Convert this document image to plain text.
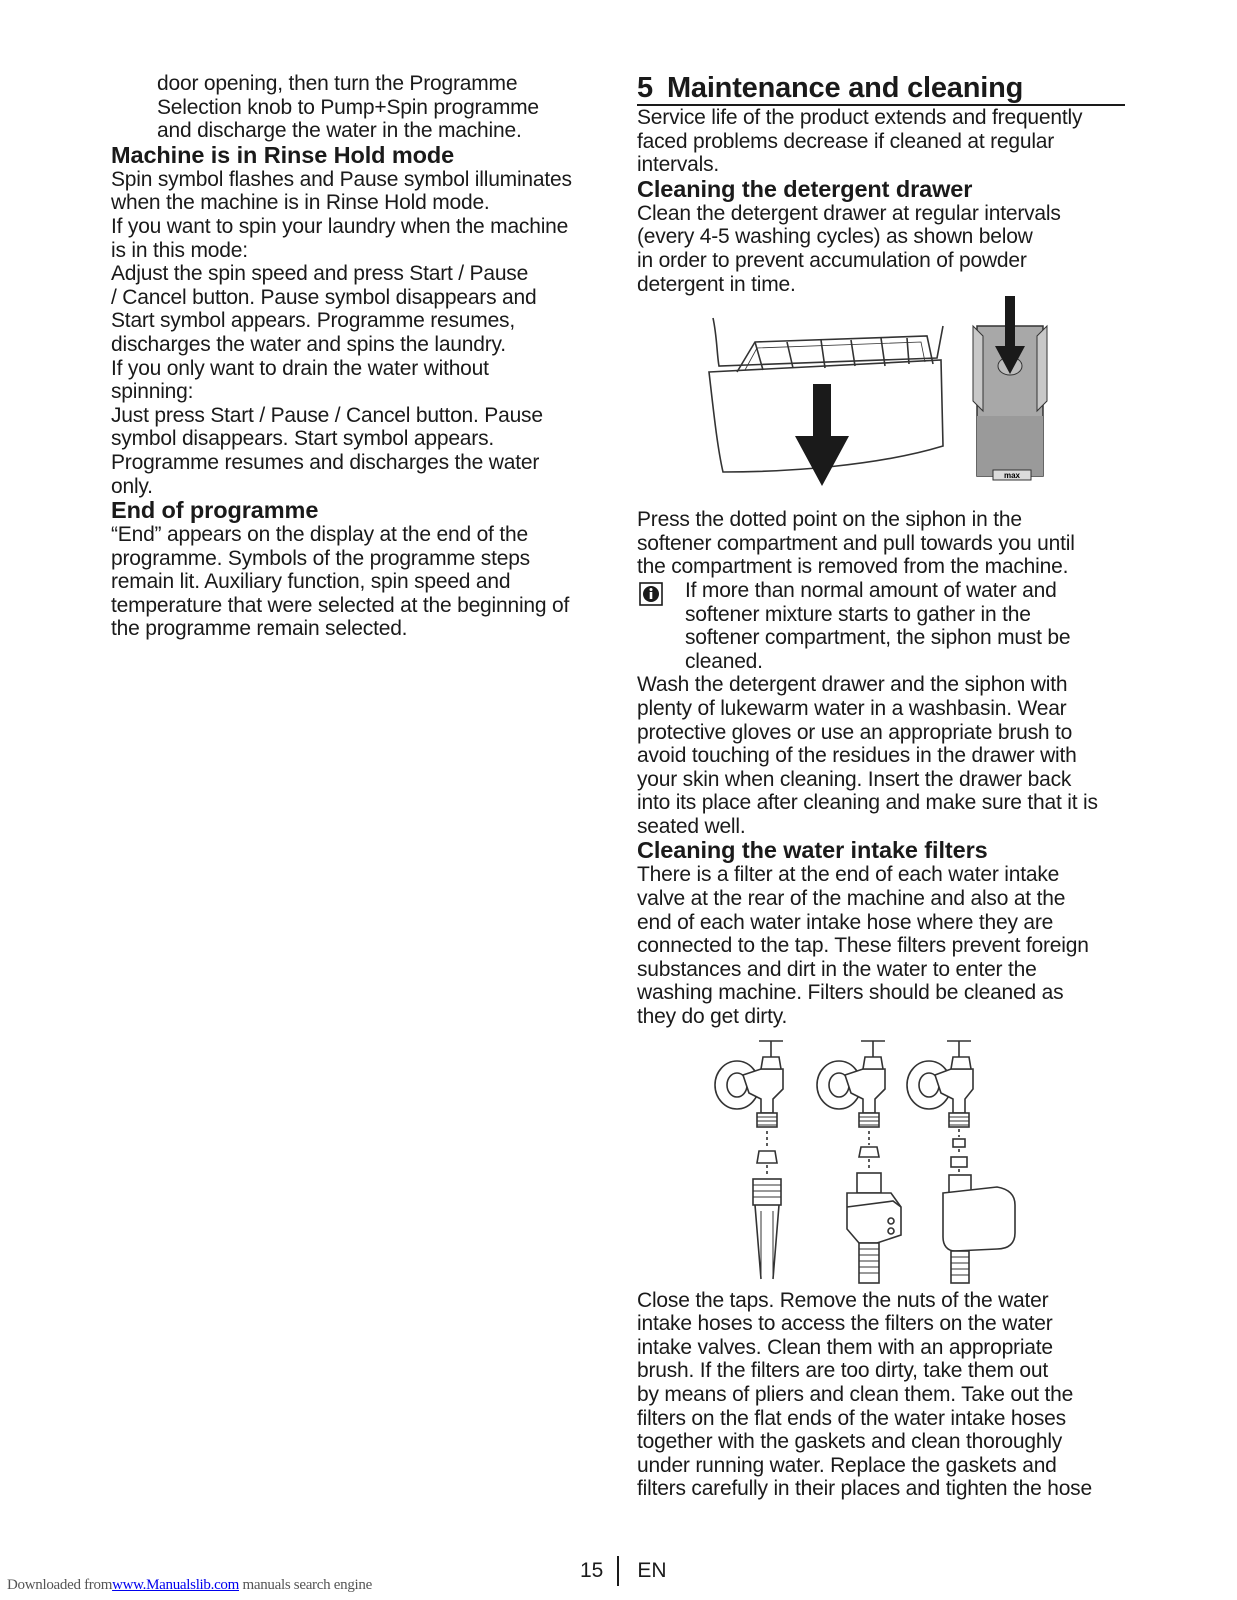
door opening, then turn the Programme

Selection knob to Pump+Spin programme

and discharge the water in the machine.

Machine is in Rinse Hold mode

Spin symbol flashes and Pause symbol illuminates

when the machine is in Rinse Hold mode.

If you want to spin your laundry when the machine

is in this mode:

Adjust the spin speed and press Start / Pause

/ Cancel button. Pause symbol disappears and

Start symbol appears. Programme resumes,

discharges the water and spins the laundry.

If you only want to drain the water without

spinning:

Just press Start / Pause / Cancel button. Pause

symbol disappears. Start symbol appears.

Programme resumes and discharges the water

only.

End of programme

“End” appears on the display at the end of the

programme. Symbols of the programme steps

remain lit. Auxiliary function, spin speed and

temperature that were selected at the beginning of

the programme remain selected.

5 Maintenance and cleaning

Service life of the product extends and frequently

faced problems decrease if cleaned at regular

intervals.

Cleaning the detergent drawer

Clean the detergent drawer at regular intervals

(every 4-5 washing cycles) as shown below

in order to prevent accumulation of powder

detergent in time.

max

Press the dotted point on the siphon in the

softener compartment and pull towards you until

the compartment is removed from the machine.

If more than normal amount of water and

softener mixture starts to gather in the

softener compartment, the siphon must be

cleaned.

Wash the detergent drawer and the siphon with

plenty of lukewarm water in a washbasin. Wear

protective gloves or use an appropriate brush to

avoid touching of the residues in the drawer with

your skin when cleaning. Insert the drawer back

into its place after cleaning and make sure that it is

seated well.

Cleaning the water intake filters

There is a filter at the end of each water intake

valve at the rear of the machine and also at the

end of each water intake hose where they are

connected to the tap. These filters prevent foreign

substances and dirt in the water to enter the

washing machine. Filters should be cleaned as

they do get dirty.

Close the taps. Remove the nuts of the water

intake hoses to access the filters on the water

intake valves. Clean them with an appropriate

brush. If the filters are too dirty, take them out

by means of pliers and clean them. Take out the

filters on the flat ends of the water intake hoses

together with the gaskets and clean thoroughly

under running water. Replace the gaskets and

filters carefully in their places and tighten the hose

15 EN
Downloaded fromwww.Manualslib.com manuals search engine
